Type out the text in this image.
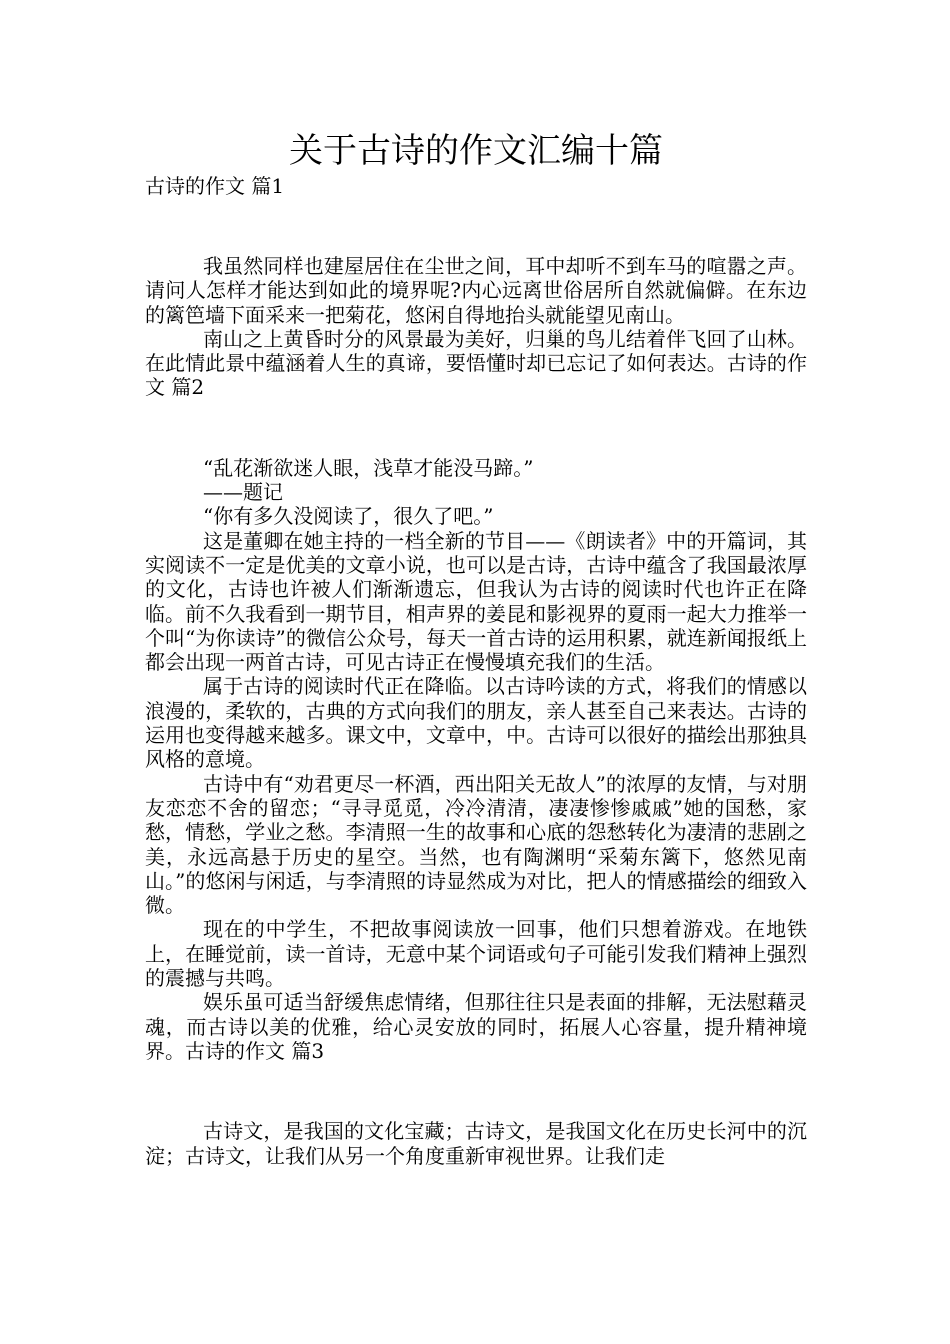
关于古诗的作文汇编十篇

古诗的作文 篇1

我虽然同样也建屋居住在尘世之间，耳中却听不到车马的喧嚣之声。请问人怎样才能达到如此的境界呢?内心远离世俗居所自然就偏僻。在东边的篱笆墙下面采来一把菊花，悠闲自得地抬头就能望见南山。

南山之上黄昏时分的风景最为美好，归巢的鸟儿结着伴飞回了山林。在此情此景中蕴涵着人生的真谛，要悟懂时却已忘记了如何表达。古诗的作文 篇2

“乱花渐欲迷人眼，浅草才能没马蹄。”

——题记

“你有多久没阅读了，很久了吧。”

这是董卿在她主持的一档全新的节目——《朗读者》中的开篇词，其实阅读不一定是优美的文章小说，也可以是古诗，古诗中蕴含了我国最浓厚的文化，古诗也许被人们渐渐遗忘，但我认为古诗的阅读时代也许正在降临。前不久我看到一期节目，相声界的姜昆和影视界的夏雨一起大力推举一个叫“为你读诗”的微信公众号，每天一首古诗的运用积累，就连新闻报纸上都会出现一两首古诗，可见古诗正在慢慢填充我们的生活。

属于古诗的阅读时代正在降临。以古诗吟读的方式，将我们的情感以浪漫的，柔软的，古典的方式向我们的朋友，亲人甚至自己来表达。古诗的运用也变得越来越多。课文中，文章中，中。古诗可以很好的描绘出那独具风格的意境。

古诗中有“劝君更尽一杯酒，西出阳关无故人”的浓厚的友情，与对朋友恋恋不舍的留恋；“寻寻觅觅，冷冷清清，凄凄惨惨戚戚”她的国愁，家愁，情愁，学业之愁。李清照一生的故事和心底的怨愁转化为凄清的悲剧之美，永远高悬于历史的星空。当然，也有陶渊明“采菊东篱下，悠然见南山。”的悠闲与闲适，与李清照的诗显然成为对比，把人的情感描绘的细致入微。

现在的中学生，不把故事阅读放一回事，他们只想着游戏。在地铁上，在睡觉前，读一首诗，无意中某个词语或句子可能引发我们精神上强烈的震撼与共鸣。

娱乐虽可适当舒缓焦虑情绪，但那往往只是表面的排解，无法慰藉灵魂，而古诗以美的优雅，给心灵安放的同时，拓展人心容量，提升精神境界。古诗的作文 篇3

古诗文，是我国的文化宝藏；古诗文，是我国文化在历史长河中的沉淀；古诗文，让我们从另一个角度重新审视世界。让我们走
